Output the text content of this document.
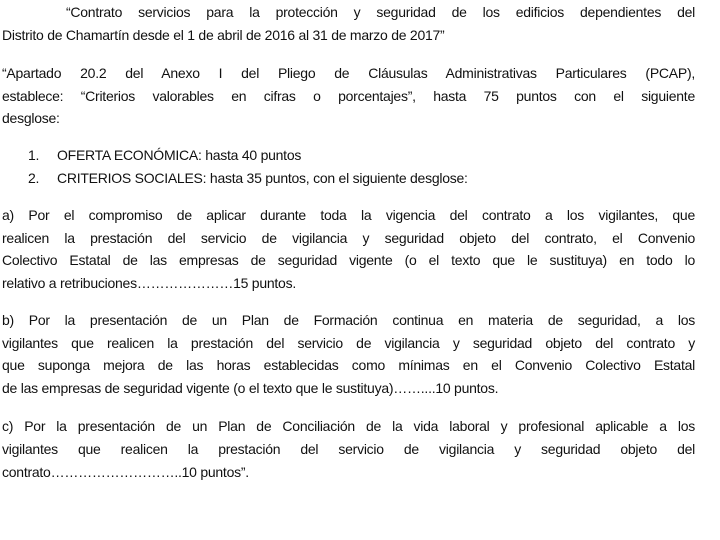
“Contrato servicios para la protección y seguridad de los edificios dependientes del
Distrito de Chamartín desde el 1 de abril de 2016 al 31 de marzo de 2017”
“Apartado 20.2 del Anexo I del Pliego de Cláusulas Administrativas Particulares (PCAP),
establece: “Criterios valorables en cifras o porcentajes”, hasta 75 puntos con el siguiente
desglose:
1. OFERTA ECONÓMICA: hasta 40 puntos
2. CRITERIOS SOCIALES: hasta 35 puntos, con el siguiente desglose:
a) Por el compromiso de aplicar durante toda la vigencia del contrato a los vigilantes, que
realicen la prestación del servicio de vigilancia y seguridad objeto del contrato, el Convenio
Colectivo Estatal de las empresas de seguridad vigente (o el texto que le sustituya) en todo lo
relativo a retribuciones…………………15 puntos.
b) Por la presentación de un Plan de Formación continua en materia de seguridad, a los
vigilantes que realicen la prestación del servicio de vigilancia y seguridad objeto del contrato y
que suponga mejora de las horas establecidas como mínimas en el Convenio Colectivo Estatal
de las empresas de seguridad vigente (o el texto que le sustituya)……....10 puntos.
c) Por la presentación de un Plan de Conciliación de la vida laboral y profesional aplicable a los
vigilantes que realicen la prestación del servicio de vigilancia y seguridad objeto del
contrato………………………..10 puntos”.
